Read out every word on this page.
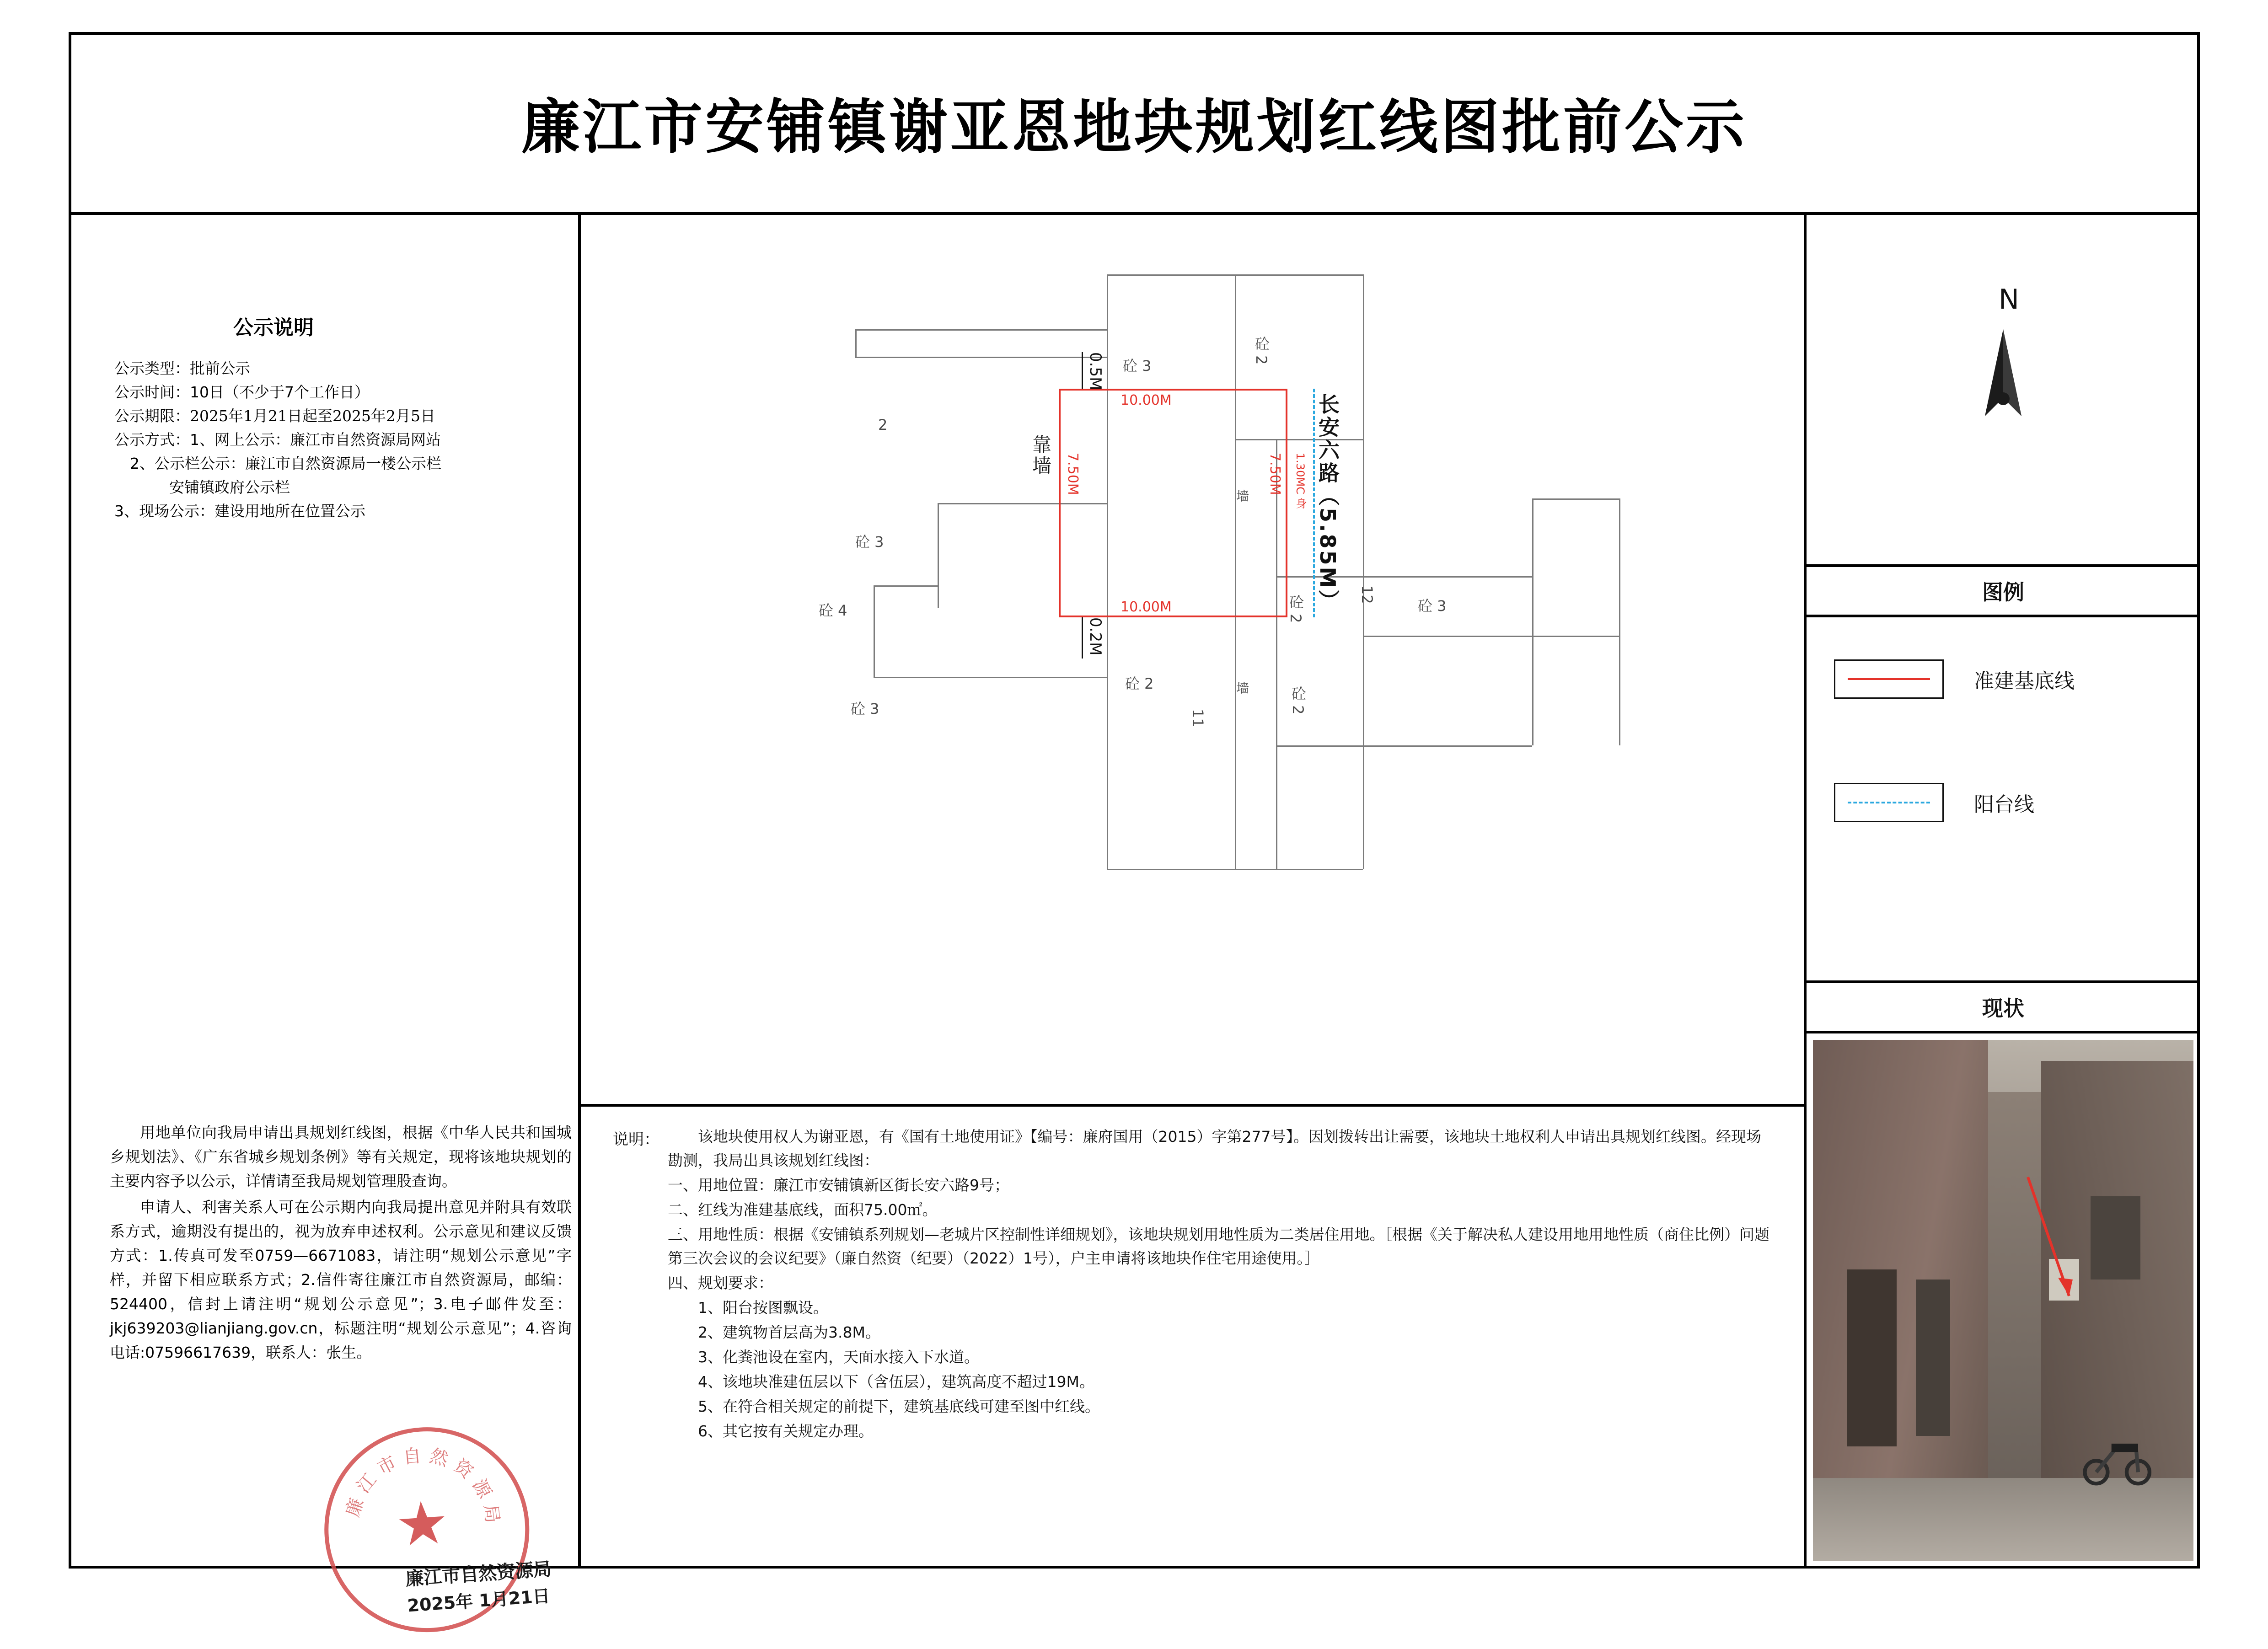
廉江市安铺镇谢亚恩地块规划红线图批前公示
公示说明
公示类型：批前公示
公示时间：10日（不少于7个工作日）
公示期限：2025年1月21日起至2025年2月5日
公示方式：1、网上公示：廉江市自然资源局网站
2、公示栏公示：廉江市自然资源局一楼公示栏
安铺镇政府公示栏
3、现场公示：建设用地所在位置公示

用地单位向我局申请出具规划红线图，根据《中华人民共和国城乡规划法》、《广东省城乡规划条例》等有关规定，现将该地块规划的主要内容予以公示，详情请至我局规划管理股查询。

申请人、利害关系人可在公示期内向我局提出意见并附具有效联系方式，逾期没有提出的，视为放弃申述权利。公示意见和建议反馈方式：1.传真可发至0759—6671083，请注明“规划公示意见”字样，并留下相应联系方式；2.信件寄往廉江市自然资源局，邮编：524400，信封上请注明“规划公示意见”；3.电子邮件发至：jkj639203@lianjiang.gov.cn，标题注明“规划公示意见”；4.咨询电话:07596617639，联系人：张生。

廉江市自然资源局
★
廉江市自然资源局
2025年 1月21日
10.00M
10.00M
7.50M	7.50M 1.30MC 身
0.5M
0.2M
长安六路（5.85M）
靠墙
砼 3
砼 2
2
砼 3
砼 4
砼 3
砼 2
12
砼 3
砼 2
砼 2
11
墙
墙
N
图例
准建基底线
阳台线
现状
说明：	该地块使用权人为谢亚恩，有《国有土地使用证》【编号：廉府国用（2015）字第277号】。因划拨转出让需要，该地块土地权利人申请出具规划红线图。经现场勘测，我局出具该规划红线图：
一、用地位置：廉江市安铺镇新区街长安六路9号；
二、红线为准建基底线，面积75.00㎡。
三、用地性质：根据《安铺镇系列规划—老城片区控制性详细规划》，该地块规划用地性质为二类居住用地。［根据《关于解决私人建设用地用地性质（商住比例）问题第三次会议的会议纪要》（廉自然资（纪要）（2022）1号），户主申请将该地块作住宅用途使用。］
四、规划要求：
1、阳台按图飘设。
2、建筑物首层高为3.8M。
3、化粪池设在室内，天面水接入下水道。
4、该地块准建伍层以下（含伍层），建筑高度不超过19M。
5、在符合相关规定的前提下，建筑基底线可建至图中红线。
6、其它按有关规定办理。
